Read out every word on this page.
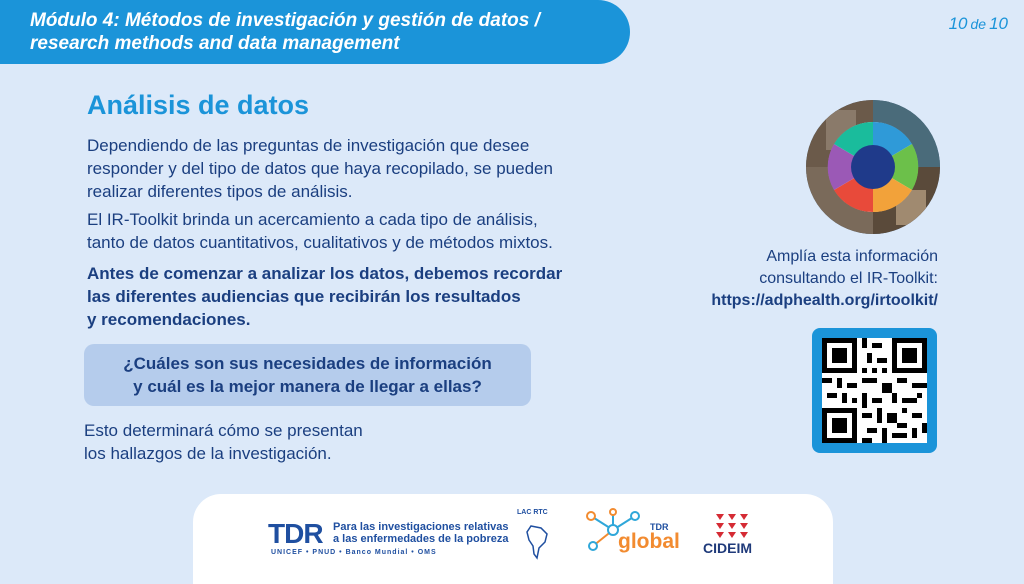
Módulo 4: Métodos de investigación y gestión de datos /
research methods and data management
10 de 10
Análisis de datos
Dependiendo de las preguntas de investigación que desee
responder y del tipo de datos que haya recopilado, se pueden
realizar diferentes tipos de análisis.
El IR-Toolkit brinda un acercamiento a cada tipo de análisis,
tanto de datos cuantitativos, cualitativos y de métodos mixtos.
Antes de comenzar a analizar los datos, debemos recordar
las diferentes audiencias que recibirán los resultados
y recomendaciones.
¿Cuáles son sus necesidades de información
y cuál es la mejor manera de llegar a ellas?
Esto determinará cómo se presentan
los hallazgos de la investigación.
Amplía esta información
consultando el IR-Toolkit:
https://adphealth.org/irtoolkit/
TDR Para las investigaciones relativas
a las enfermedades de la pobreza
UNICEF • PNUD • Banco Mundial • OMS
LAC RTC
TDR
global CIDEIM
